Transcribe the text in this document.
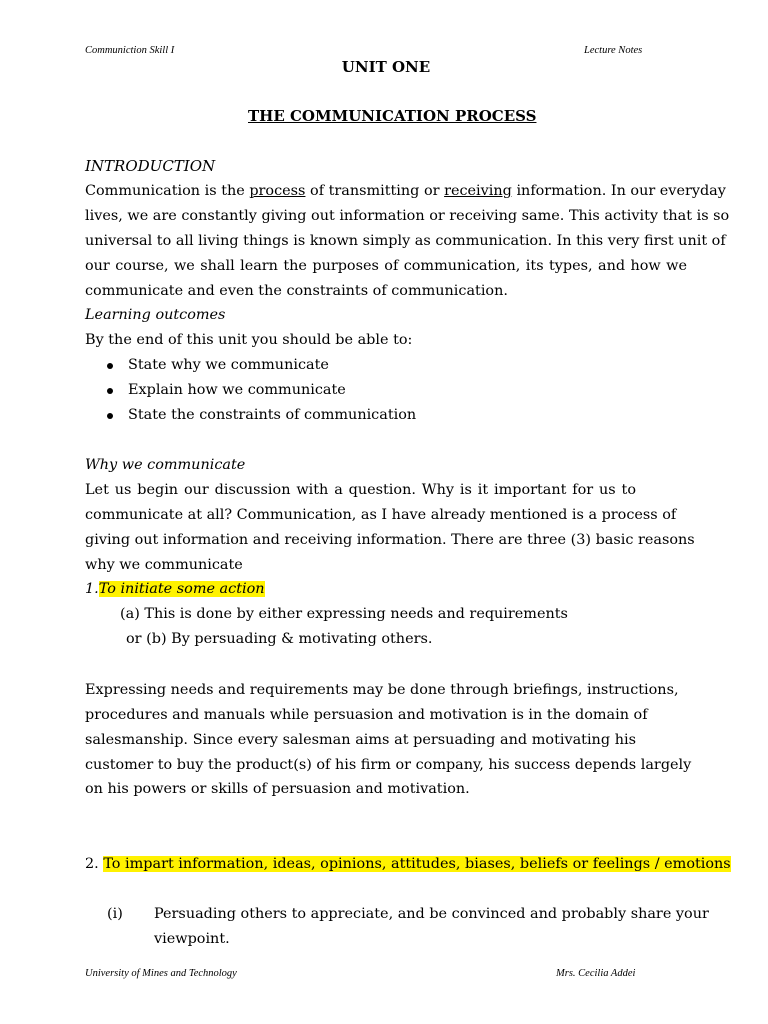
Communiction Skill I	Lecture Notes
UNIT ONE
THE COMMUNICATION PROCESS
INTRODUCTION
Communication is the process of transmitting or receiving information. In our everyday
lives, we are constantly giving out information or receiving same. This activity that is so
universal to all living things is known simply as communication. In this very first unit of
our course, we shall learn the purposes of communication, its types, and how we
communicate and even the constraints of communication.
Learning outcomes
By the end of this unit you should be able to:
State why we communicate
Explain how we communicate
State the constraints of communication
Why we communicate
Let us begin our discussion with a question. Why is it important for us to
communicate at all? Communication, as I have already mentioned is a process of
giving out information and receiving information. There are three (3) basic reasons
why we communicate
1.To initiate some action
(a) This is done by either expressing needs and requirements
or (b) By persuading & motivating others.
Expressing needs and requirements may be done through briefings, instructions,
procedures and manuals while persuasion and motivation is in the domain of
salesmanship. Since every salesman aims at persuading and motivating his
customer to buy the product(s) of his firm or company, his success depends largely
on his powers or skills of persuasion and motivation.
2. To impart information, ideas, opinions, attitudes, biases, beliefs or feelings / emotions
(i) Persuading others to appreciate, and be convinced and probably share your
viewpoint.
University of Mines and Technology	Mrs. Cecilia Addei
